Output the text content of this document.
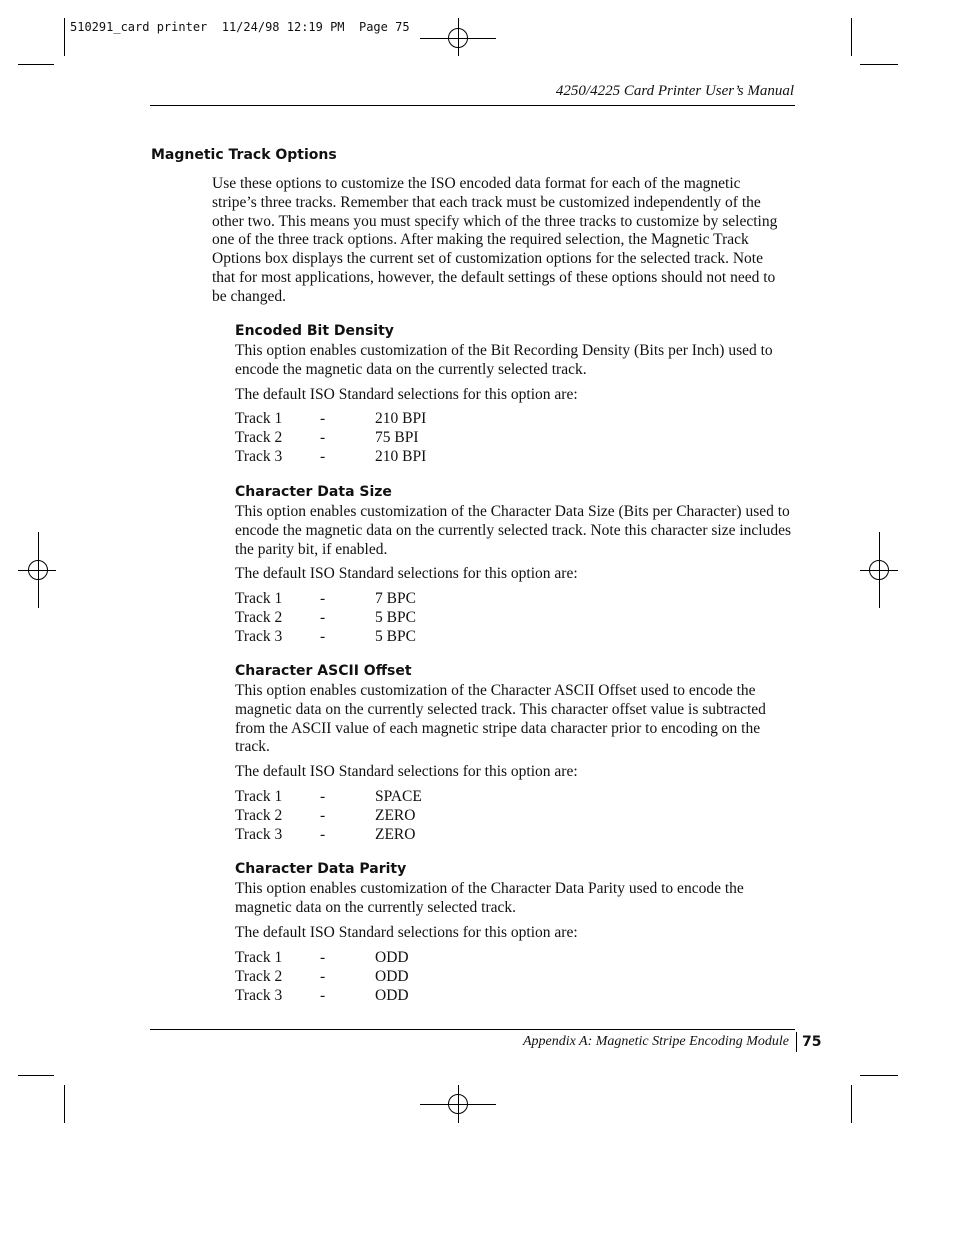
510291_card printer  11/24/98 12:19 PM  Page 75
4250/4225 Card Printer User’s Manual
Magnetic Track Options
Use these options to customize the ISO encoded data format for each of the magnetic stripe’s three tracks. Remember that each track must be customized independently of the other two. This means you must specify which of the three tracks to customize by selecting one of the three track options. After making the required selection, the Magnetic Track Options box displays the current set of customization options for the selected track. Note that for most applications, however, the default settings of these options should not need to be changed.
Encoded Bit Density
This option enables customization of the Bit Recording Density (Bits per Inch) used to encode the magnetic data on the currently selected track.
The default ISO Standard selections for this option are:
Track 1 -	210 BPI
Track 2 -	75 BPI
Track 3 -	210 BPI
Character Data Size
This option enables customization of the Character Data Size (Bits per Character) used to encode the magnetic data on the currently selected track. Note this character size includes the parity bit, if enabled.
The default ISO Standard selections for this option are:
Track 1 -	7 BPC
Track 2 -	5 BPC
Track 3 -	5 BPC
Character ASCII Offset
This option enables customization of the Character ASCII Offset used to encode the magnetic data on the currently selected track. This character offset value is subtracted from the ASCII value of each magnetic stripe data character prior to encoding on the track.
The default ISO Standard selections for this option are:
Track 1 -	SPACE
Track 2 -	ZERO
Track 3 -	ZERO
Character Data Parity
This option enables customization of the Character Data Parity used to encode the magnetic data on the currently selected track.
The default ISO Standard selections for this option are:
Track 1 -	ODD
Track 2 -	ODD
Track 3 -	ODD
Appendix A: Magnetic Stripe Encoding Module 75
